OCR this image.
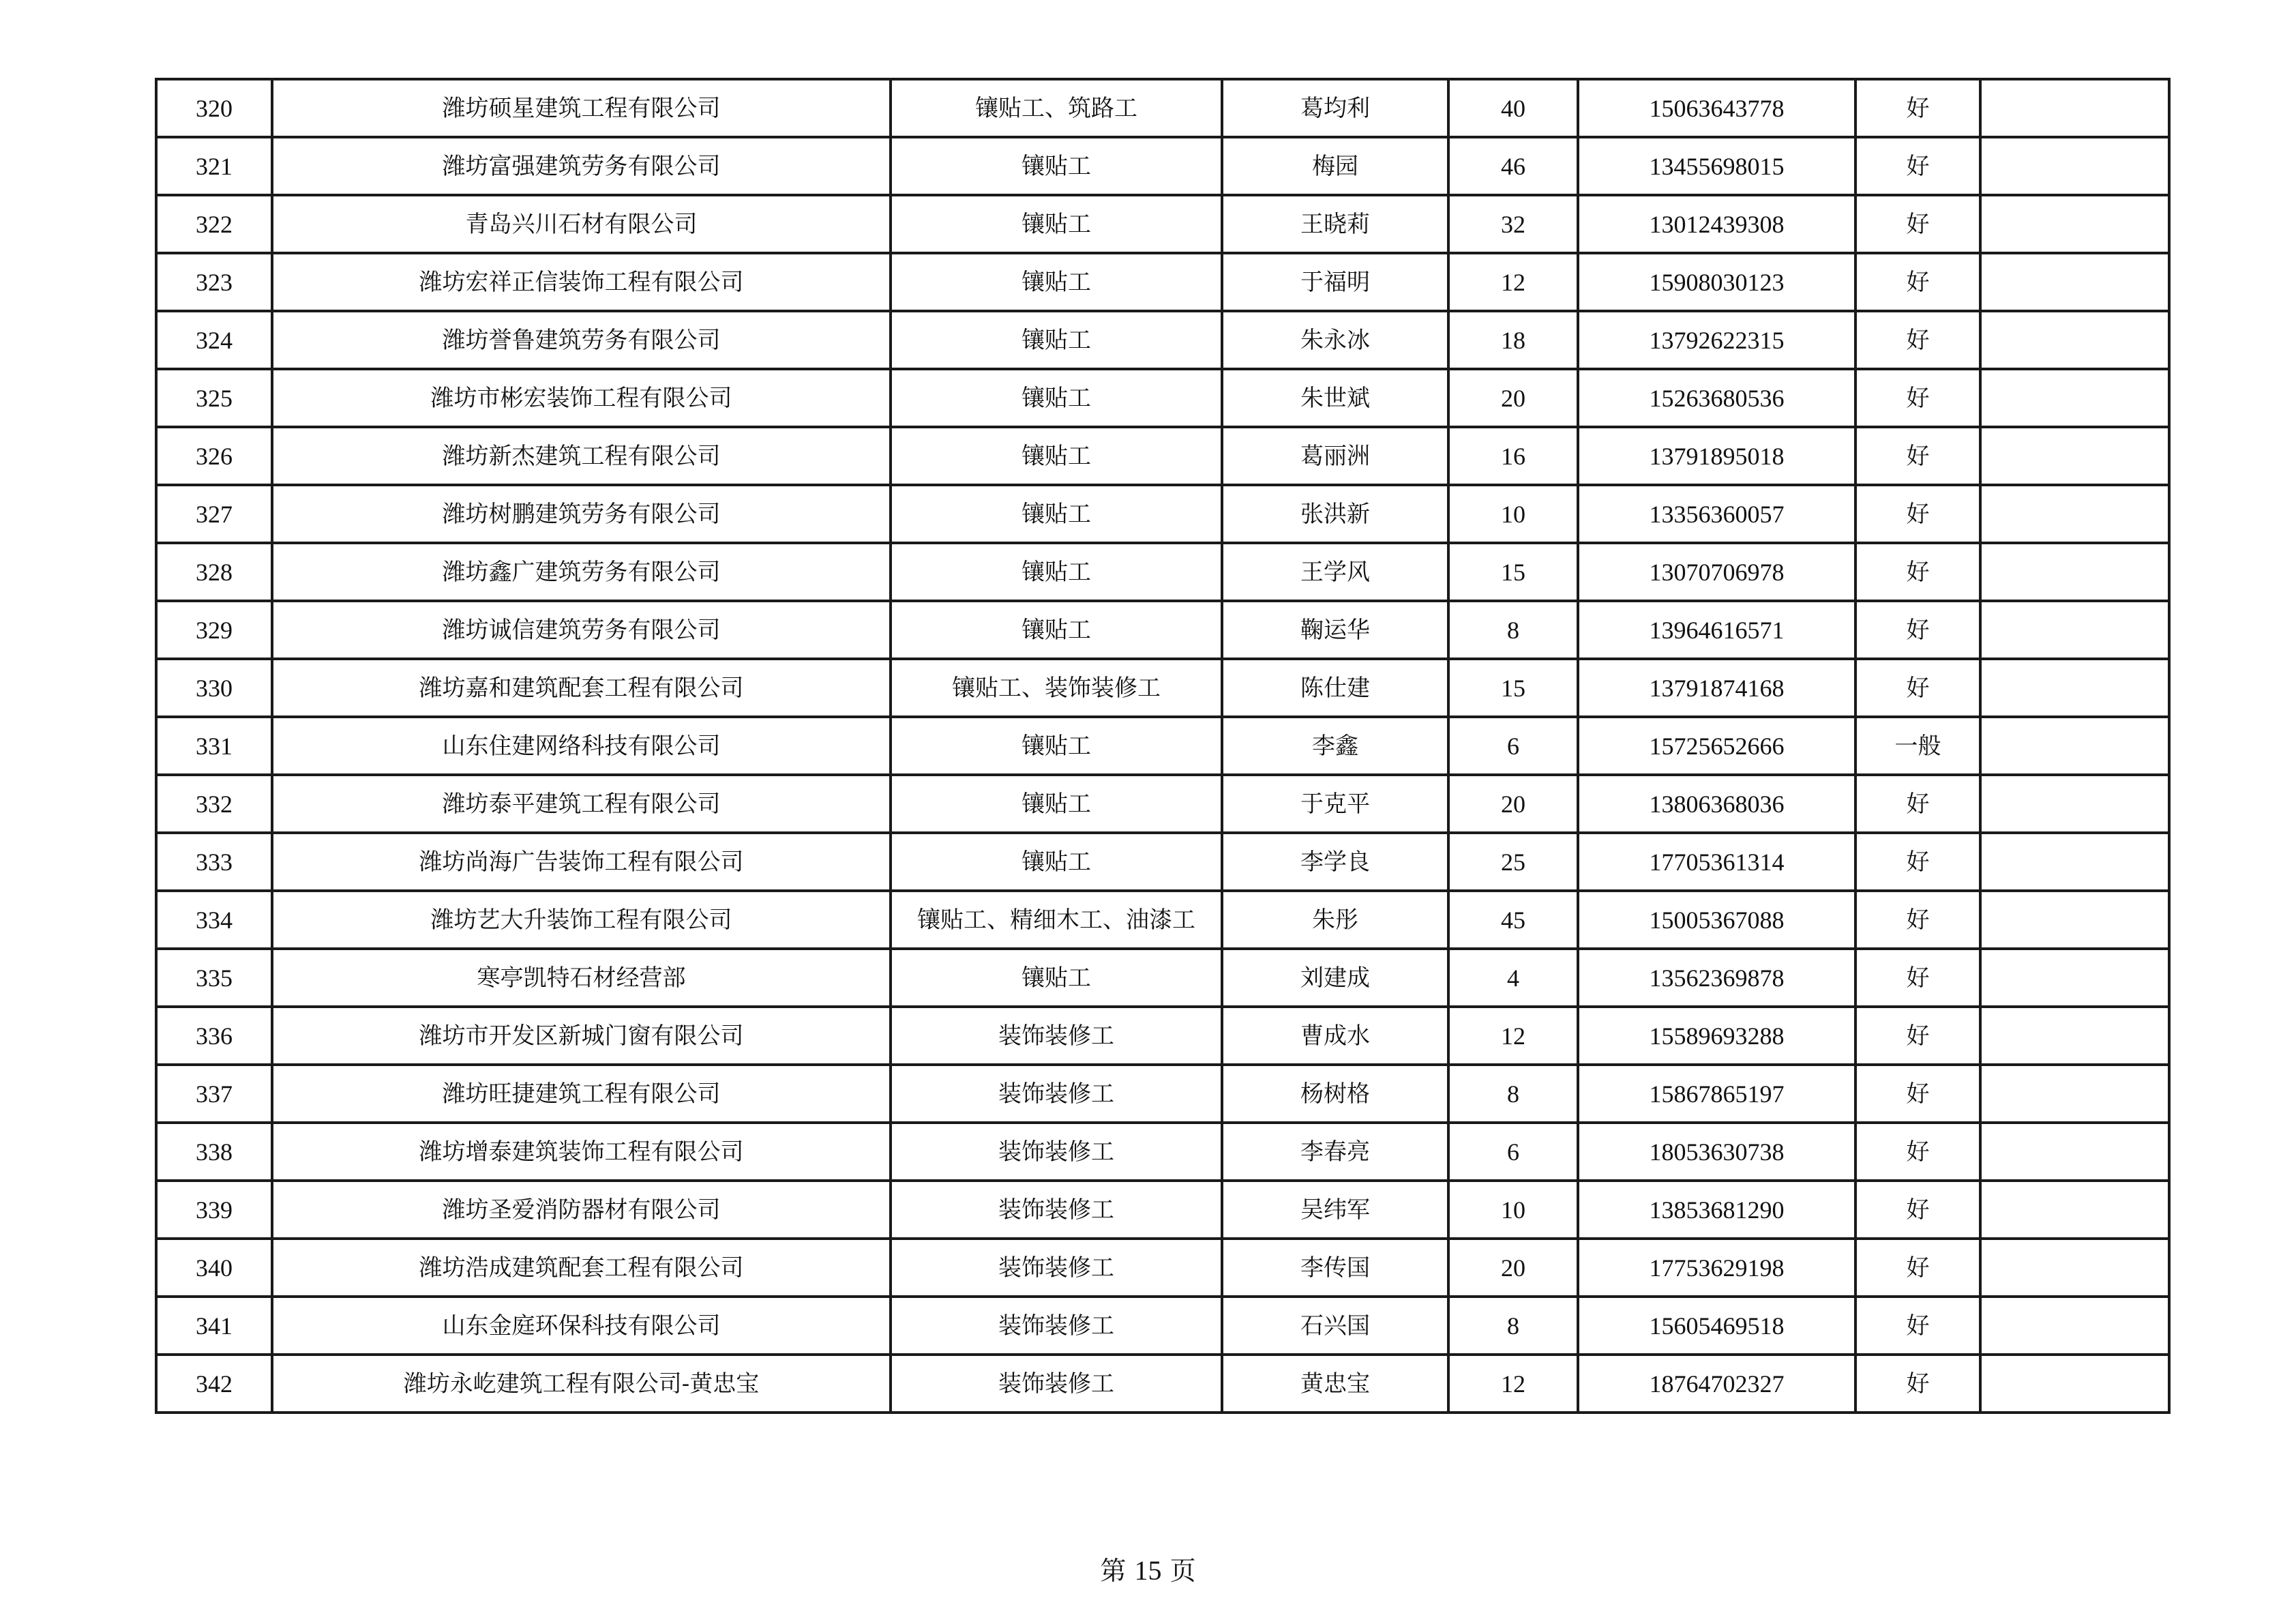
320	潍坊硕星建筑工程有限公司	镶贴工、筑路工	葛均利	40	15063643778	好	
321	潍坊富强建筑劳务有限公司	镶贴工	梅园	46	13455698015	好	
322	青岛兴川石材有限公司	镶贴工	王晓莉	32	13012439308	好	
323	潍坊宏祥正信装饰工程有限公司	镶贴工	于福明	12	15908030123	好	
324	潍坊誉鲁建筑劳务有限公司	镶贴工	朱永冰	18	13792622315	好	
325	潍坊市彬宏装饰工程有限公司	镶贴工	朱世斌	20	15263680536	好	
326	潍坊新杰建筑工程有限公司	镶贴工	葛丽洲	16	13791895018	好	
327	潍坊树鹏建筑劳务有限公司	镶贴工	张洪新	10	13356360057	好	
328	潍坊鑫广建筑劳务有限公司	镶贴工	王学风	15	13070706978	好	
329	潍坊诚信建筑劳务有限公司	镶贴工	鞠运华	8	13964616571	好	
330	潍坊嘉和建筑配套工程有限公司	镶贴工、装饰装修工	陈仕建	15	13791874168	好	
331	山东住建网络科技有限公司	镶贴工	李鑫	6	15725652666	一般	
332	潍坊泰平建筑工程有限公司	镶贴工	于克平	20	13806368036	好	
333	潍坊尚海广告装饰工程有限公司	镶贴工	李学良	25	17705361314	好	
334	潍坊艺大升装饰工程有限公司	镶贴工、精细木工、油漆工	朱彤	45	15005367088	好	
335	寒亭凯特石材经营部	镶贴工	刘建成	4	13562369878	好	
336	潍坊市开发区新城门窗有限公司	装饰装修工	曹成水	12	15589693288	好	
337	潍坊旺捷建筑工程有限公司	装饰装修工	杨树格	8	15867865197	好	
338	潍坊增泰建筑装饰工程有限公司	装饰装修工	李春亮	6	18053630738	好	
339	潍坊圣爱消防器材有限公司	装饰装修工	吴纬军	10	13853681290	好	
340	潍坊浩成建筑配套工程有限公司	装饰装修工	李传国	20	17753629198	好	
341	山东金庭环保科技有限公司	装饰装修工	石兴国	8	15605469518	好	
342	潍坊永屹建筑工程有限公司-黄忠宝	装饰装修工	黄忠宝	12	18764702327	好	
第 15 页
